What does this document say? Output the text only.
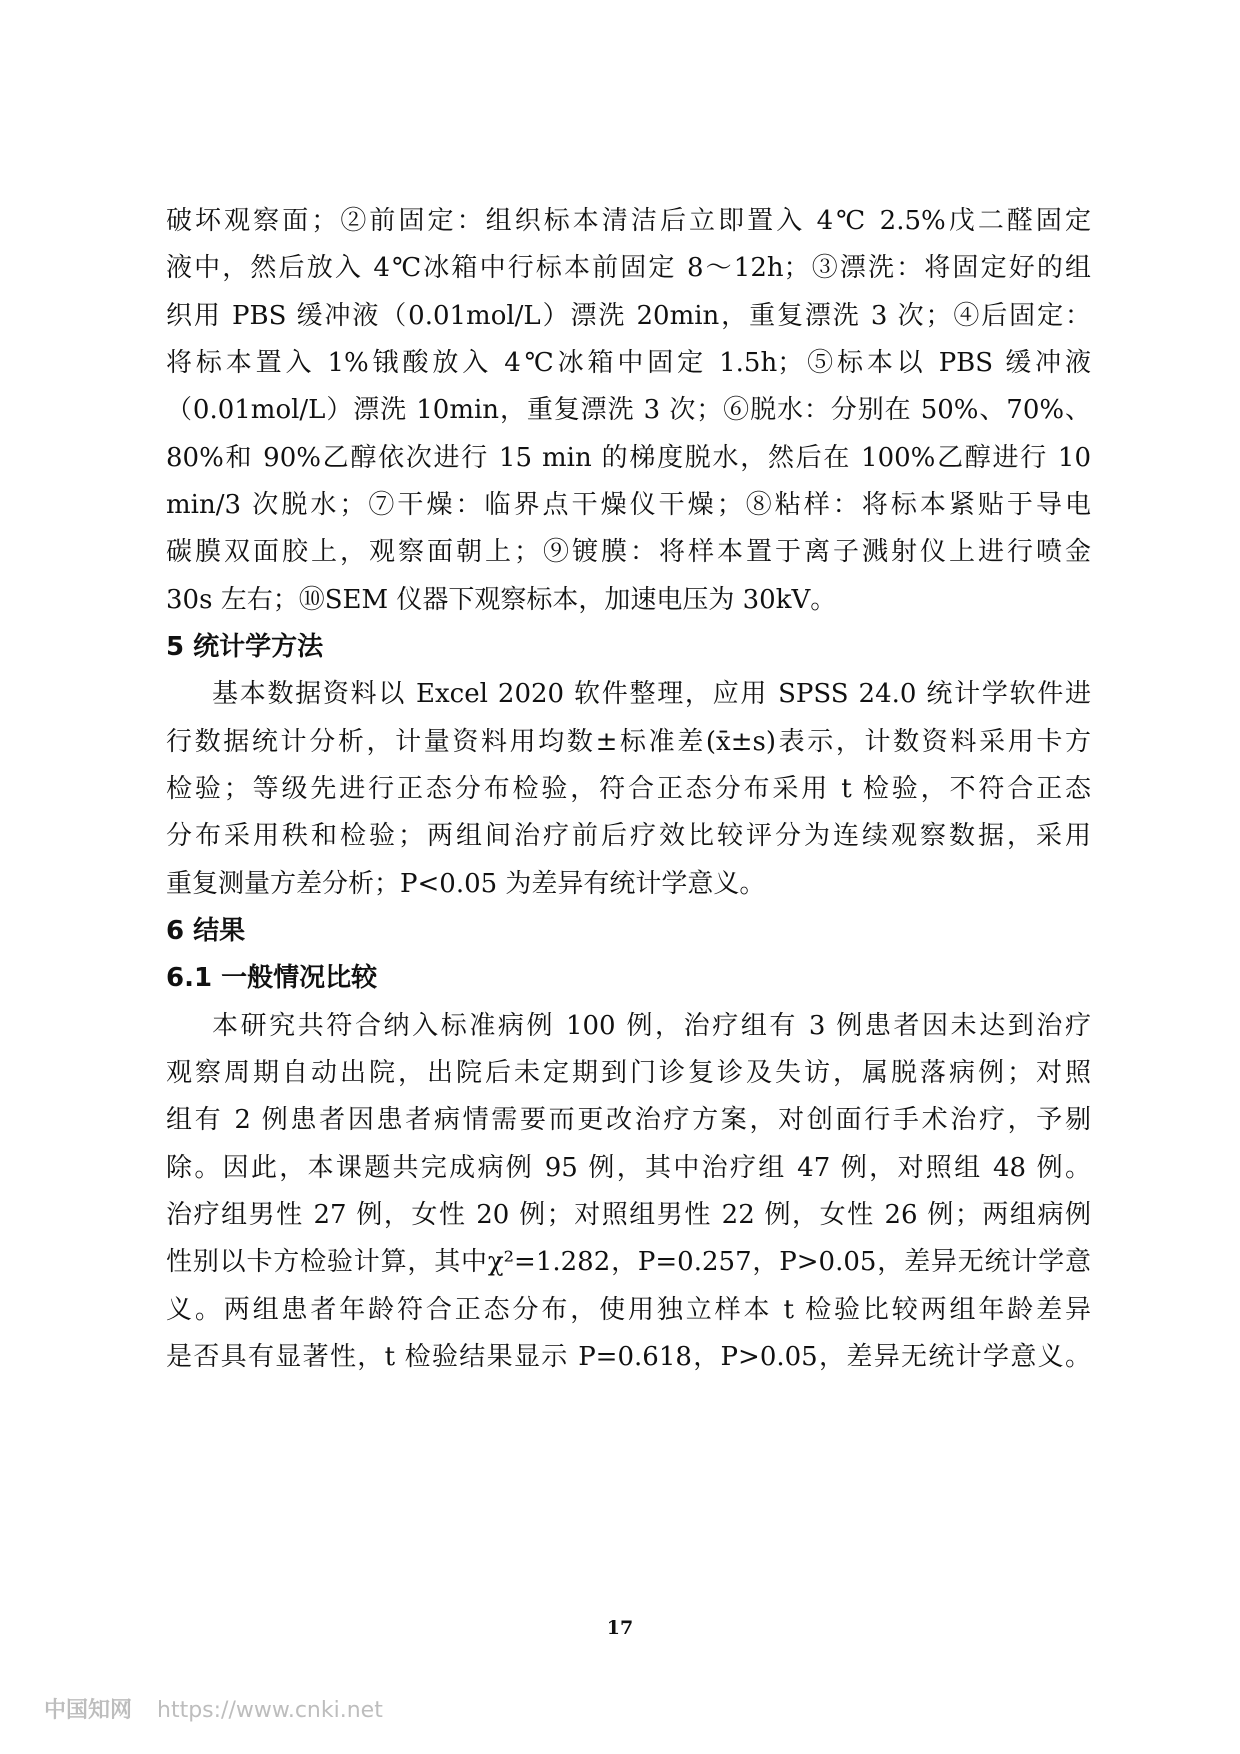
破坏观察面；②前固定：组织标本清洁后立即置入 4℃ 2.5%戊二醛固定
液中，然后放入 4℃冰箱中行标本前固定 8～12h；③漂洗：将固定好的组
织用 PBS 缓冲液（0.01mol/L）漂洗 20min，重复漂洗 3 次；④后固定：
将标本置入 1%锇酸放入 4℃冰箱中固定 1.5h；⑤标本以 PBS 缓冲液
（0.01mol/L）漂洗 10min，重复漂洗 3 次；⑥脱水：分别在 50%、70%、
80%和 90%乙醇依次进行 15 min 的梯度脱水，然后在 100%乙醇进行 10
min/3 次脱水；⑦干燥：临界点干燥仪干燥；⑧粘样：将标本紧贴于导电
碳膜双面胶上，观察面朝上；⑨镀膜：将样本置于离子溅射仪上进行喷金
30s 左右；⑩SEM 仪器下观察标本，加速电压为 30kV。
5 统计学方法
基本数据资料以 Excel 2020 软件整理，应用 SPSS 24.0 统计学软件进
行数据统计分析，计量资料用均数±标准差(x̄±s)表示，计数资料采用卡方
检验；等级先进行正态分布检验，符合正态分布采用 t 检验，不符合正态
分布采用秩和检验；两组间治疗前后疗效比较评分为连续观察数据，采用
重复测量方差分析；P<0.05 为差异有统计学意义。
6 结果
6.1 一般情况比较
本研究共符合纳入标准病例 100 例，治疗组有 3 例患者因未达到治疗
观察周期自动出院，出院后未定期到门诊复诊及失访，属脱落病例；对照
组有 2 例患者因患者病情需要而更改治疗方案，对创面行手术治疗，予剔
除。因此，本课题共完成病例 95 例，其中治疗组 47 例，对照组 48 例。
治疗组男性 27 例，女性 20 例；对照组男性 22 例，女性 26 例；两组病例
性别以卡方检验计算，其中χ²=1.282，P=0.257，P>0.05，差异无统计学意
义。两组患者年龄符合正态分布，使用独立样本 t 检验比较两组年龄差异
是否具有显著性，t 检验结果显示 P=0.618，P>0.05，差异无统计学意义。
17
中国知网 https://www.cnki.net
